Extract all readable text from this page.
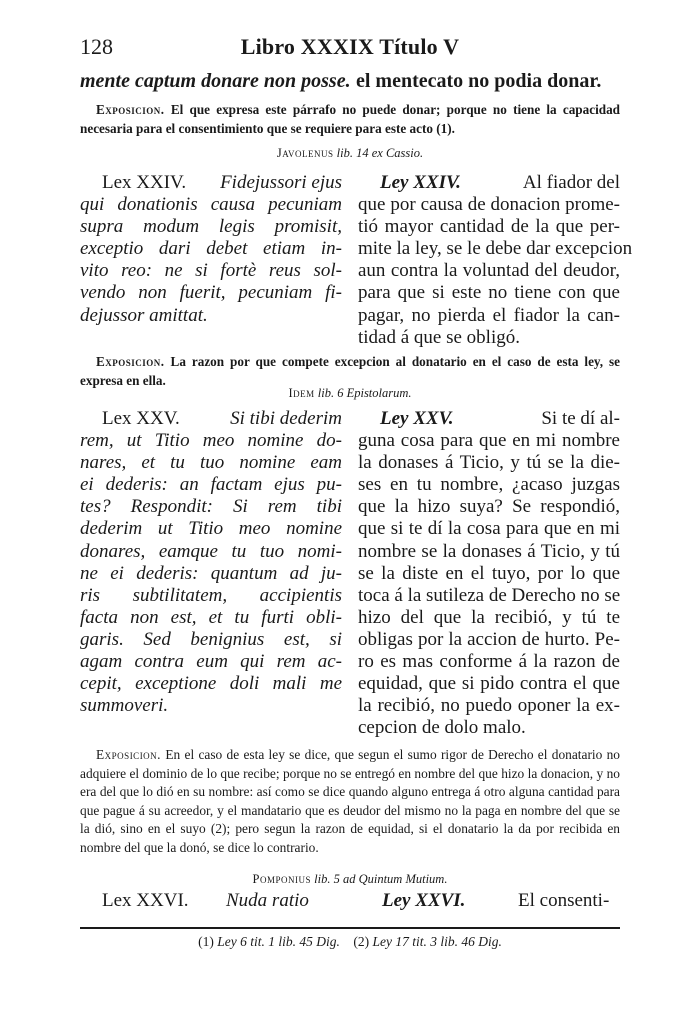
128	Libro XXXIX Título V
mente captum donare non posse. el mentecato no podia donar.
Exposicion. El que expresa este párrafo no puede donar; porque no tiene la capacidad necesaria para el consentimiento que se requiere para este acto (1).
Javolenus lib. 14 ex Cassio.
Lex XXIV. Fidejussori ejus
qui donationis causa pecuniam
supra modum legis promisit,
exceptio dari debet etiam in-
vito reo: ne si fortè reus sol-
vendo non fuerit, pecuniam fi-
dejussor amittat.
Ley XXIV.	Al fiador del
que por causa de donacion prome-
tió mayor cantidad de la que per-
mite la ley, se le debe dar excepcion
aun contra la voluntad del deudor,
para que si este no tiene con que
pagar, no pierda el fiador la can-
tidad á que se obligó.
Exposicion. La razon por que compete excepcion al donatario en el caso de esta ley, se expresa en ella.
Idem lib. 6 Epistolarum.
Lex XXV.	Si tibi dederim
rem, ut Titio meo nomine do-
nares, et tu tuo nomine eam
ei dederis: an factam ejus pu-
tes? Respondit: Si rem tibi
dederim ut Titio meo nomine
donares, eamque tu tuo nomi-
ne ei dederis: quantum ad ju-
ris subtilitatem, accipientis
facta non est, et tu furti obli-
garis. Sed benignius est, si
agam contra eum qui rem ac-
cepit, exceptione doli mali me
summoveri.
Ley XXV.	Si te dí al-
guna cosa para que en mi nombre
la donases á Ticio, y tú se la die-
ses en tu nombre, ¿acaso juzgas
que la hizo suya? Se respondió,
que si te dí la cosa para que en mi
nombre se la donases á Ticio, y tú
se la diste en el tuyo, por lo que
toca á la sutileza de Derecho no se
hizo del que la recibió, y tú te
obligas por la accion de hurto. Pe-
ro es mas conforme á la razon de
equidad, que si pido contra el que
la recibió, no puedo oponer la ex-
cepcion de dolo malo.
Exposicion. En el caso de esta ley se dice, que segun el sumo rigor de Derecho el donatario no adquiere el dominio de lo que recibe; porque no se entregó en nombre del que hizo la donacion, y no era del que lo dió en su nombre: así como se dice quando alguno entrega á otro alguna cantidad para que pague á su acreedor, y el mandatario que es deudor del mismo no la paga en nombre del que se la dió, sino en el suyo (2); pero segun la razon de equidad, si el donatario la da por recibida en nombre del que la donó, se dice lo contrario.
Pomponius lib. 5 ad Quintum Mutium.
Lex XXVI. Nuda ratio	Ley XXVI.	El consenti-
(1) Ley 6 tit. 1 lib. 45 Dig. (2) Ley 17 tit. 3 lib. 46 Dig.
